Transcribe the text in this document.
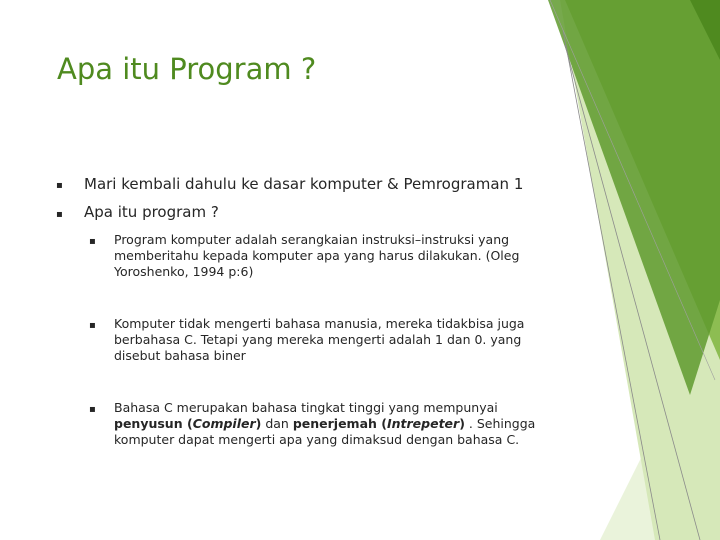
Apa itu Program ?
▪ Mari kembali dahulu ke dasar komputer & Pemrograman 1
▪ Apa itu program ?
▪ Program komputer adalah serangkaian instruksi–instruksi yang memberitahu kepada komputer apa yang harus dilakukan. (Oleg Yoroshenko, 1994 p:6)
▪ Komputer tidak mengerti bahasa manusia, mereka tidakbisa juga berbahasa C. Tetapi yang mereka mengerti adalah 1 dan 0. yang disebut bahasa biner
▪ Bahasa C merupakan bahasa tingkat tinggi yang mempunyai penyusun (Compiler) dan penerjemah (Intrepeter) . Sehingga komputer dapat mengerti apa yang dimaksud dengan bahasa C.
